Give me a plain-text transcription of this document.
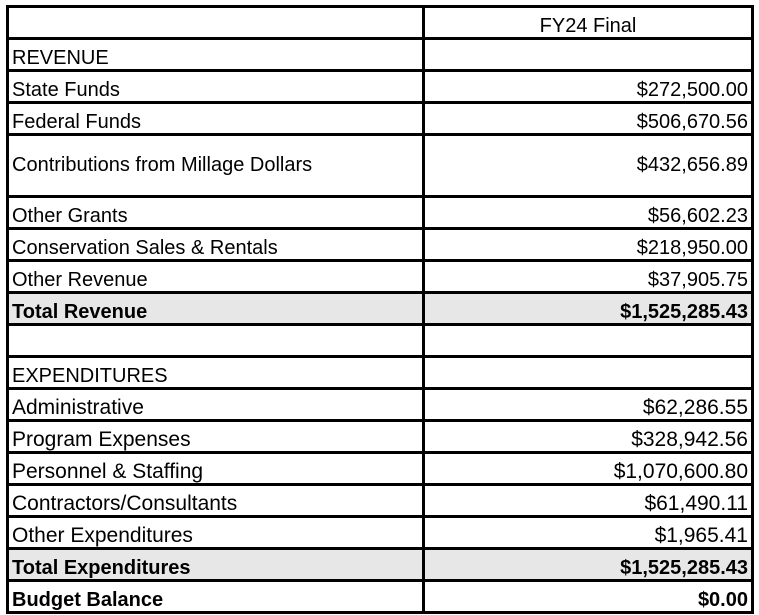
	FY24 Final
REVENUE	
State Funds	$272,500.00
Federal Funds	$506,670.56
Contributions from Millage Dollars	$432,656.89
Other Grants	$56,602.23
Conservation Sales & Rentals	$218,950.00
Other Revenue	$37,905.75
Total Revenue	$1,525,285.43

EXPENDITURES	
Administrative	$62,286.55
Program Expenses	$328,942.56
Personnel & Staffing	$1,070,600.80
Contractors/Consultants	$61,490.11
Other Expenditures	$1,965.41
Total Expenditures	$1,525,285.43
Budget Balance	$0.00
